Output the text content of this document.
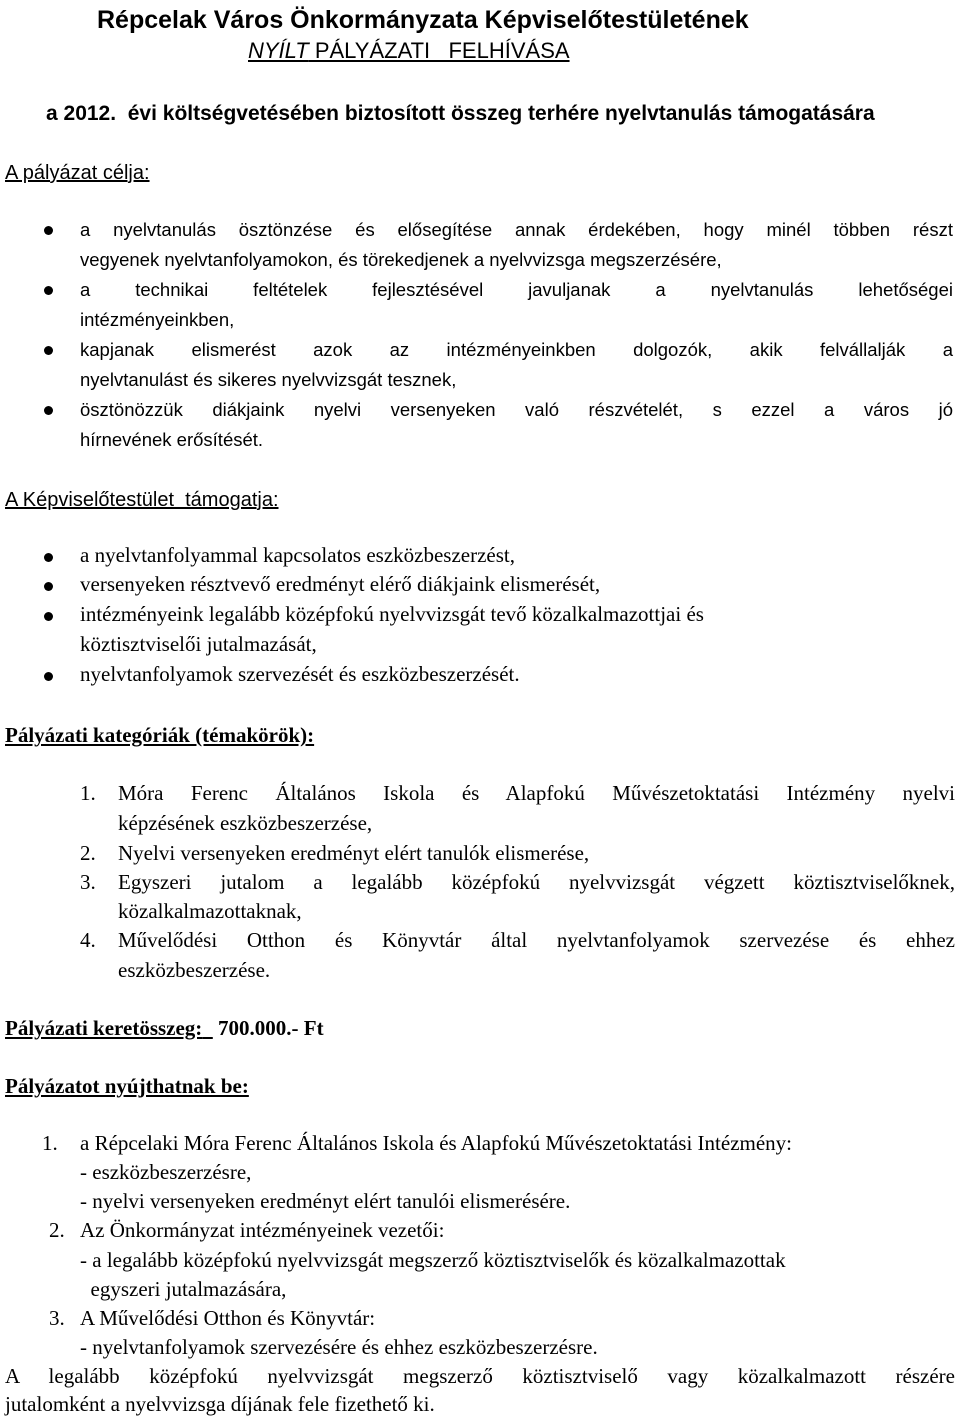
Répcelak Város Önkormányzata Képviselőtestületének
NYÍLT PÁLYÁZATI   FELHÍVÁSA
a 2012.  évi költségvetésében biztosított összeg terhére nyelvtanulás támogatására
A pályázat célja:
a nyelvtanulás ösztönzése és elősegítése annak érdekében, hogy minél többen részt
vegyenek nyelvtanfolyamokon, és törekedjenek a nyelvvizsga megszerzésére,
a technikai feltételek fejlesztésével javuljanak a nyelvtanulás lehetőségei
intézményeinkben,
kapjanak elismerést azok az intézményeinkben dolgozók, akik felvállalják a
nyelvtanulást és sikeres nyelvvizsgát tesznek,
ösztönözzük diákjaink nyelvi versenyeken való részvételét, s ezzel a város jó
hírnevének erősítését.
A Képviselőtestület  támogatja:
a nyelvtanfolyammal kapcsolatos eszközbeszerzést,
versenyeken résztvevő eredményt elérő diákjaink elismerését,
intézményeink legalább középfokú nyelvvizsgát tevő közalkalmazottjai és
köztisztviselői jutalmazását,
nyelvtanfolyamok szervezését és eszközbeszerzését.
Pályázati kategóriák (témakörök):
1. Móra Ferenc Általános Iskola és Alapfokú Művészetoktatási Intézmény nyelvi
képzésének eszközbeszerzése,
2. Nyelvi versenyeken eredményt elért tanulók elismerése,
3. Egyszeri jutalom a legalább középfokú nyelvvizsgát végzett köztisztviselőknek,
közalkalmazottaknak,
4. Művelődési Otthon és Könyvtár által nyelvtanfolyamok szervezése és ehhez
eszközbeszerzése.
Pályázati keretösszeg: 700.000.- Ft
Pályázatot nyújthatnak be:
1. a Répcelaki Móra Ferenc Általános Iskola és Alapfokú Művészetoktatási Intézmény:
- eszközbeszerzésre,
- nyelvi versenyeken eredményt elért tanulói elismerésére.
2. Az Önkormányzat intézményeinek vezetői:
- a legalább középfokú nyelvvizsgát megszerző köztisztviselők és közalkalmazottak
egyszeri jutalmazására,
3. A Művelődési Otthon és Könyvtár:
- nyelvtanfolyamok szervezésére és ehhez eszközbeszerzésre.
A legalább középfokú nyelvvizsgát megszerző köztisztviselő vagy közalkalmazott részére
jutalomként a nyelvvizsga díjának fele fizethető ki.
